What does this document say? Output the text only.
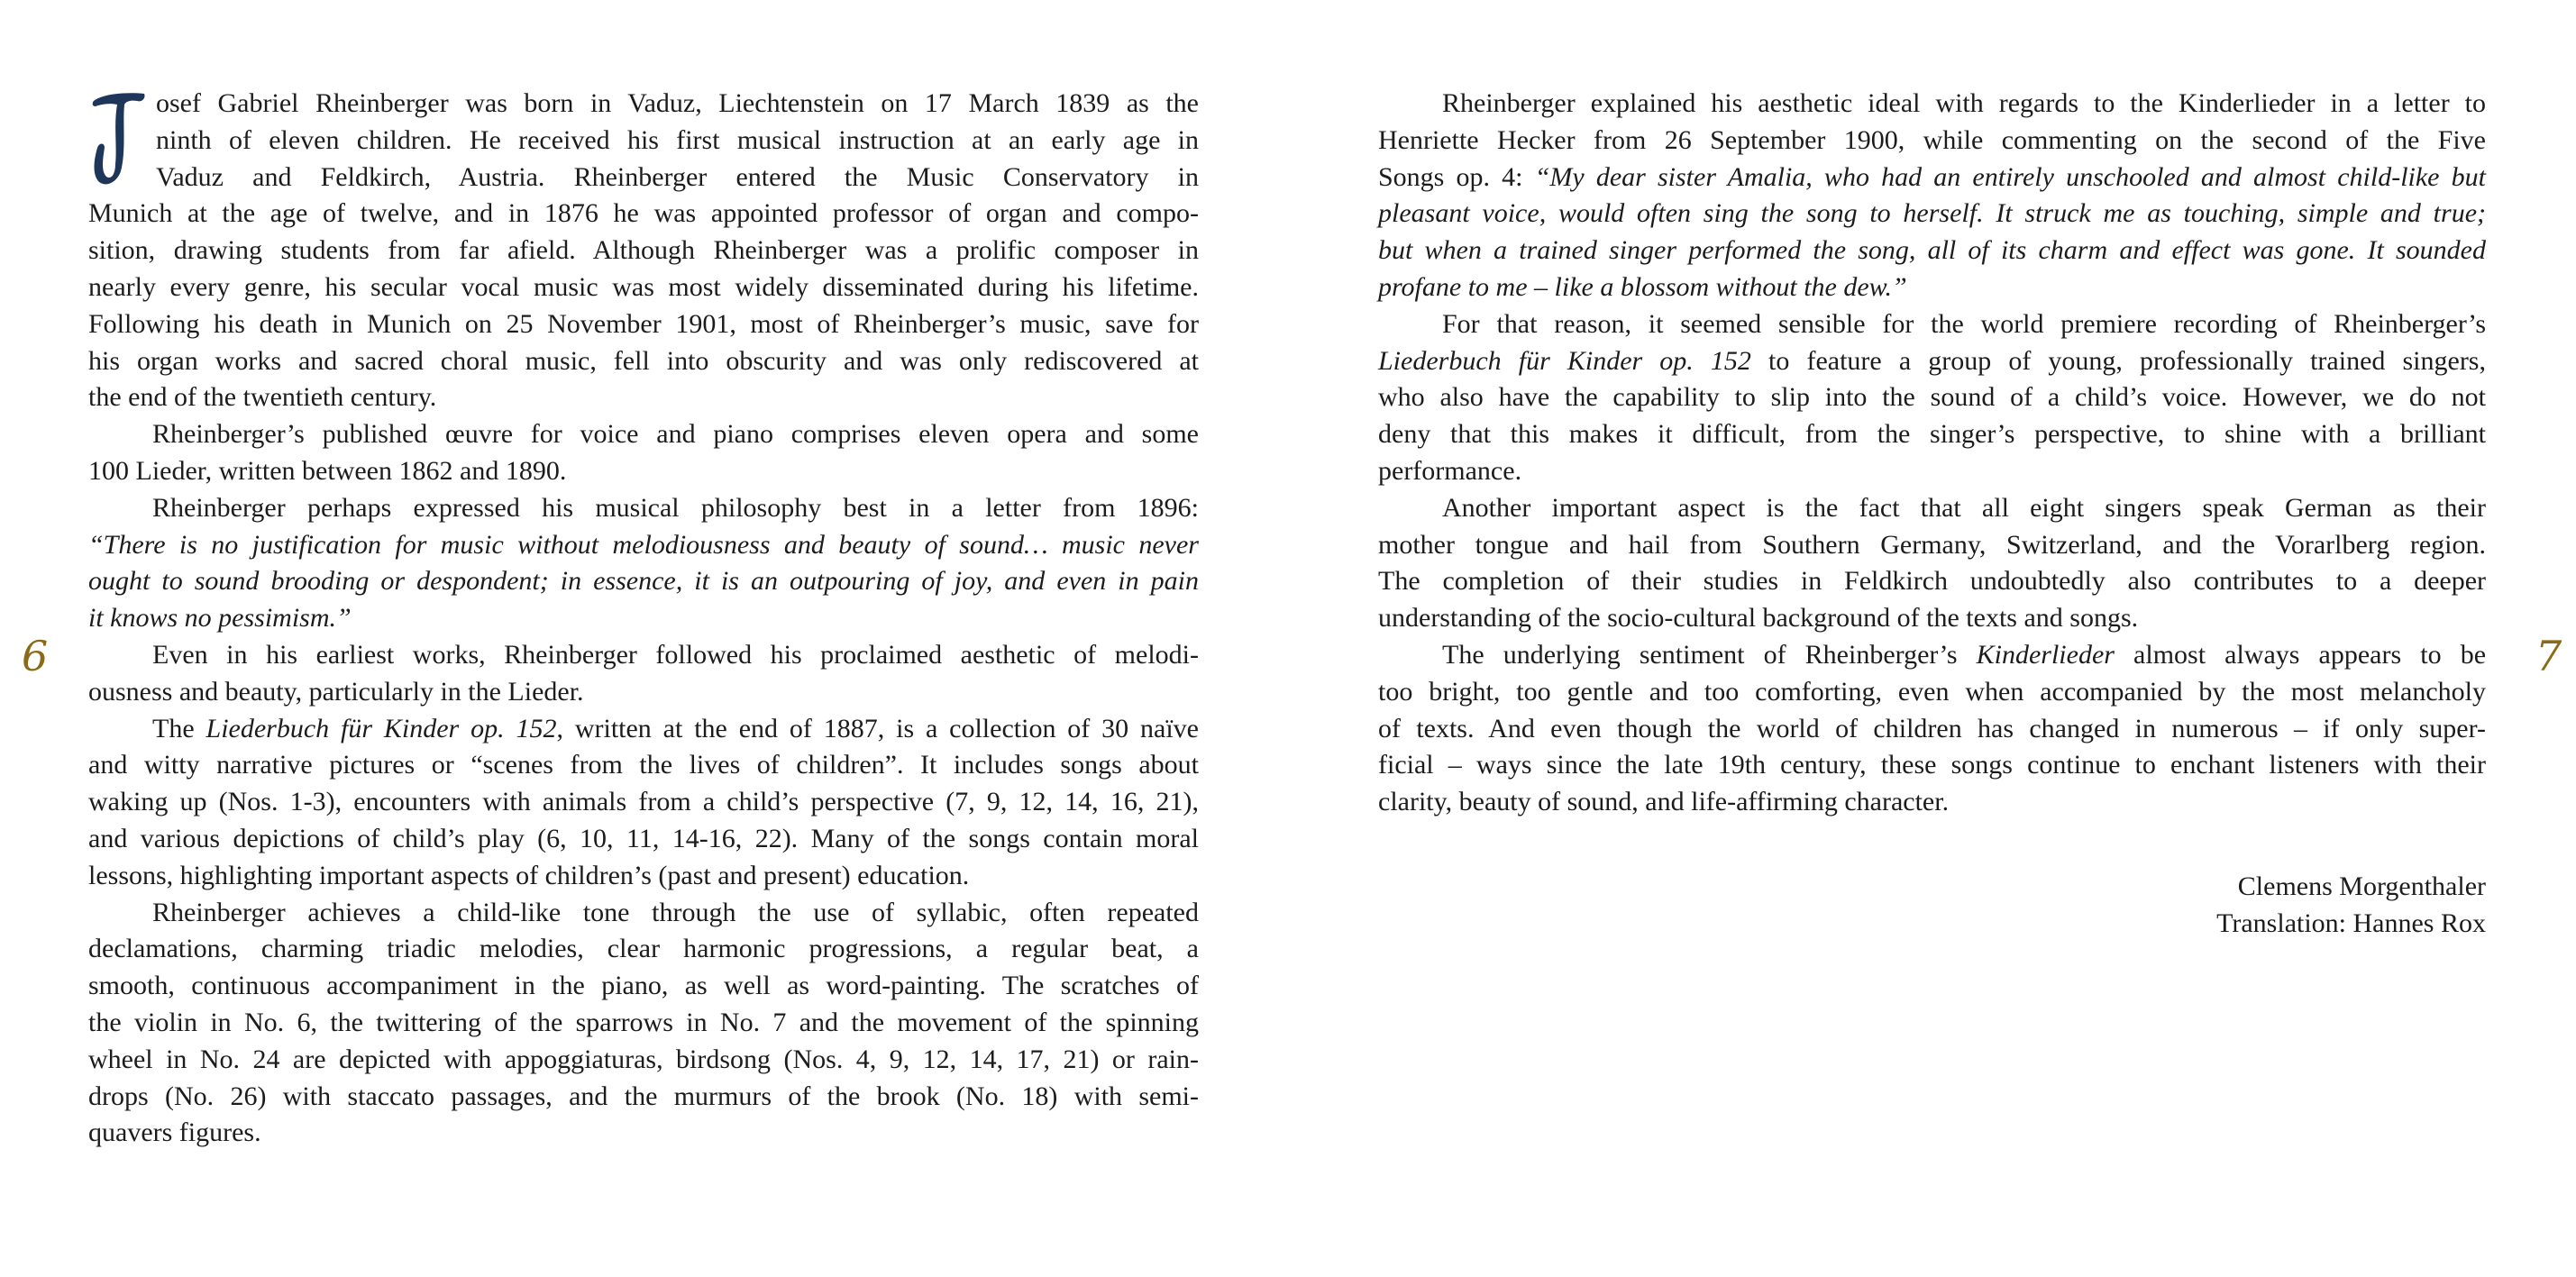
osef Gabriel Rheinberger was born in Vaduz, Liechtenstein on 17 March 1839 as the
ninth of eleven children. He received his first musical instruction at an early age in
Vaduz and Feldkirch, Austria. Rheinberger entered the Music Conservatory in
Munich at the age of twelve, and in 1876 he was appointed professor of organ and compo-
sition, drawing students from far afield. Although Rheinberger was a prolific composer in
nearly every genre, his secular vocal music was most widely disseminated during his lifetime.
Following his death in Munich on 25 November 1901, most of Rheinberger’s music, save for
his organ works and sacred choral music, fell into obscurity and was only rediscovered at
the end of the twentieth century.
Rheinberger’s published œuvre for voice and piano comprises eleven opera and some
100 Lieder, written between 1862 and 1890.
Rheinberger perhaps expressed his musical philosophy best in a letter from 1896:
“There is no justification for music without melodiousness and beauty of sound… music never
ought to sound brooding or despondent; in essence, it is an outpouring of joy, and even in pain
it knows no pessimism.”
Even in his earliest works, Rheinberger followed his proclaimed aesthetic of melodi-
ousness and beauty, particularly in the Lieder.
The Liederbuch für Kinder op. 152, written at the end of 1887, is a collection of 30 naïve
and witty narrative pictures or “scenes from the lives of children”. It includes songs about
waking up (Nos. 1-3), encounters with animals from a child’s perspective (7, 9, 12, 14, 16, 21),
and various depictions of child’s play (6, 10, 11, 14-16, 22). Many of the songs contain moral
lessons, highlighting important aspects of children’s (past and present) education.
Rheinberger achieves a child-like tone through the use of syllabic, often repeated
declamations, charming triadic melodies, clear harmonic progressions, a regular beat, a
smooth, continuous accompaniment in the piano, as well as word-painting. The scratches of
the violin in No. 6, the twittering of the sparrows in No. 7 and the movement of the spinning
wheel in No. 24 are depicted with appoggiaturas, birdsong (Nos. 4, 9, 12, 14, 17, 21) or rain-
drops (No. 26) with staccato passages, and the murmurs of the brook (No. 18) with semi-
quavers figures.
6
Rheinberger explained his aesthetic ideal with regards to the Kinderlieder in a letter to
Henriette Hecker from 26 September 1900, while commenting on the second of the Five
Songs op. 4: “My dear sister Amalia, who had an entirely unschooled and almost child-like but
pleasant voice, would often sing the song to herself. It struck me as touching, simple and true;
but when a trained singer performed the song, all of its charm and effect was gone. It sounded
profane to me – like a blossom without the dew.”
For that reason, it seemed sensible for the world premiere recording of Rheinberger’s
Liederbuch für Kinder op. 152 to feature a group of young, professionally trained singers,
who also have the capability to slip into the sound of a child’s voice. However, we do not
deny that this makes it difficult, from the singer’s perspective, to shine with a brilliant
performance.
Another important aspect is the fact that all eight singers speak German as their
mother tongue and hail from Southern Germany, Switzerland, and the Vorarlberg region.
The completion of their studies in Feldkirch undoubtedly also contributes to a deeper
understanding of the socio-cultural background of the texts and songs.
The underlying sentiment of Rheinberger’s Kinderlieder almost always appears to be
too bright, too gentle and too comforting, even when accompanied by the most melancholy
of texts. And even though the world of children has changed in numerous – if only super-
ficial – ways since the late 19th century, these songs continue to enchant listeners with their
clarity, beauty of sound, and life-affirming character.
Clemens Morgenthaler
Translation: Hannes Rox
7
